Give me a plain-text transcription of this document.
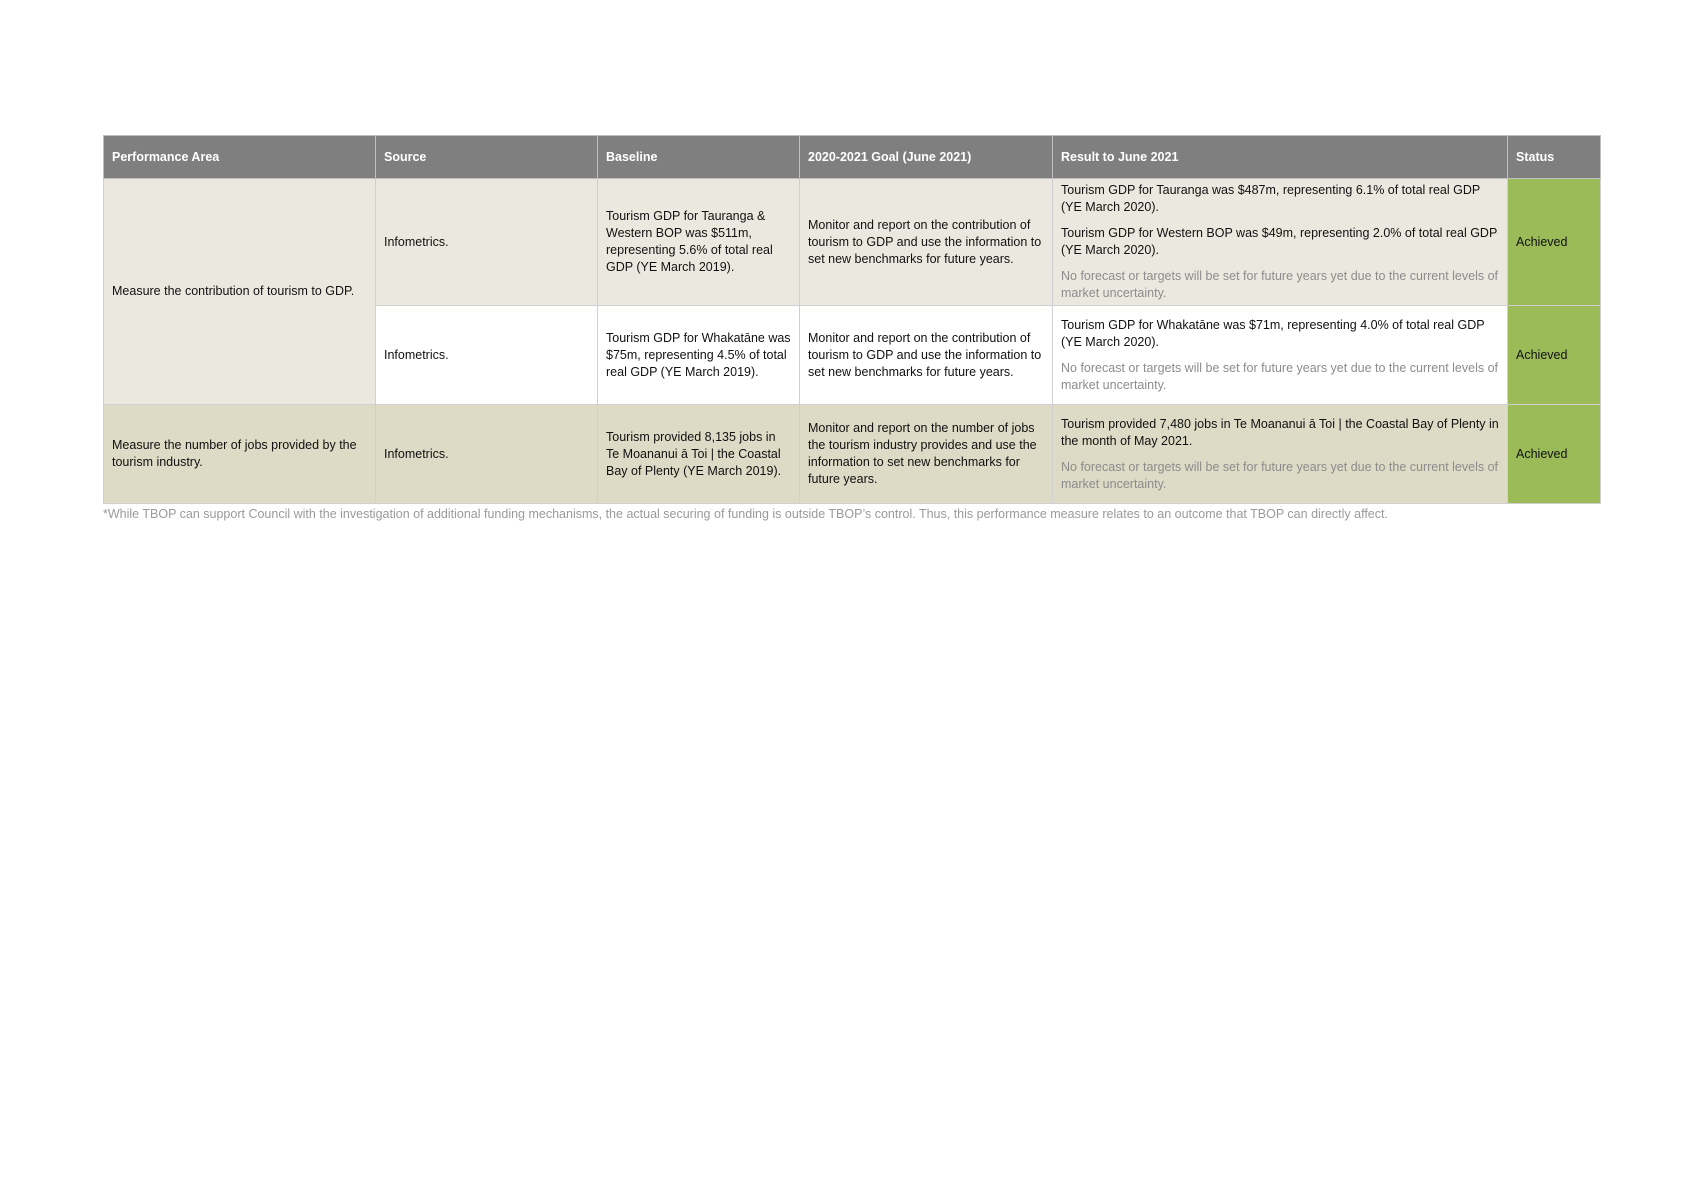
Performance Area	Source	Baseline	2020-2021 Goal (June 2021)	Result to June 2021	Status
Measure the contribution of tourism to GDP.	Infometrics.	Tourism GDP for Tauranga & Western BOP was $511m, representing 5.6% of total real GDP (YE March 2019).	Monitor and report on the contribution of tourism to GDP and use the information to set new benchmarks for future years.	Tourism GDP for Tauranga was $487m, representing 6.1% of total real GDP (YE March 2020).

Tourism GDP for Western BOP was $49m, representing 2.0% of total real GDP (YE March 2020).

No forecast or targets will be set for future years yet due to the current levels of market uncertainty.	Achieved
	Infometrics.	Tourism GDP for Whakatāne was $75m, representing 4.5% of total real GDP (YE March 2019).	Monitor and report on the contribution of tourism to GDP and use the information to set new benchmarks for future years.	Tourism GDP for Whakatāne was $71m, representing 4.0% of total real GDP (YE March 2020).

No forecast or targets will be set for future years yet due to the current levels of market uncertainty.	Achieved
Measure the number of jobs provided by the tourism industry.	Infometrics.	Tourism provided 8,135 jobs in Te Moananui ā Toi | the Coastal Bay of Plenty (YE March 2019).	Monitor and report on the number of jobs the tourism industry provides and use the information to set new benchmarks for future years.	Tourism provided 7,480 jobs in Te Moananui ā Toi | the Coastal Bay of Plenty in the month of May 2021.

No forecast or targets will be set for future years yet due to the current levels of market uncertainty.	Achieved
*While TBOP can support Council with the investigation of additional funding mechanisms, the actual securing of funding is outside TBOP’s control. Thus, this performance measure relates to an outcome that TBOP can directly affect.
